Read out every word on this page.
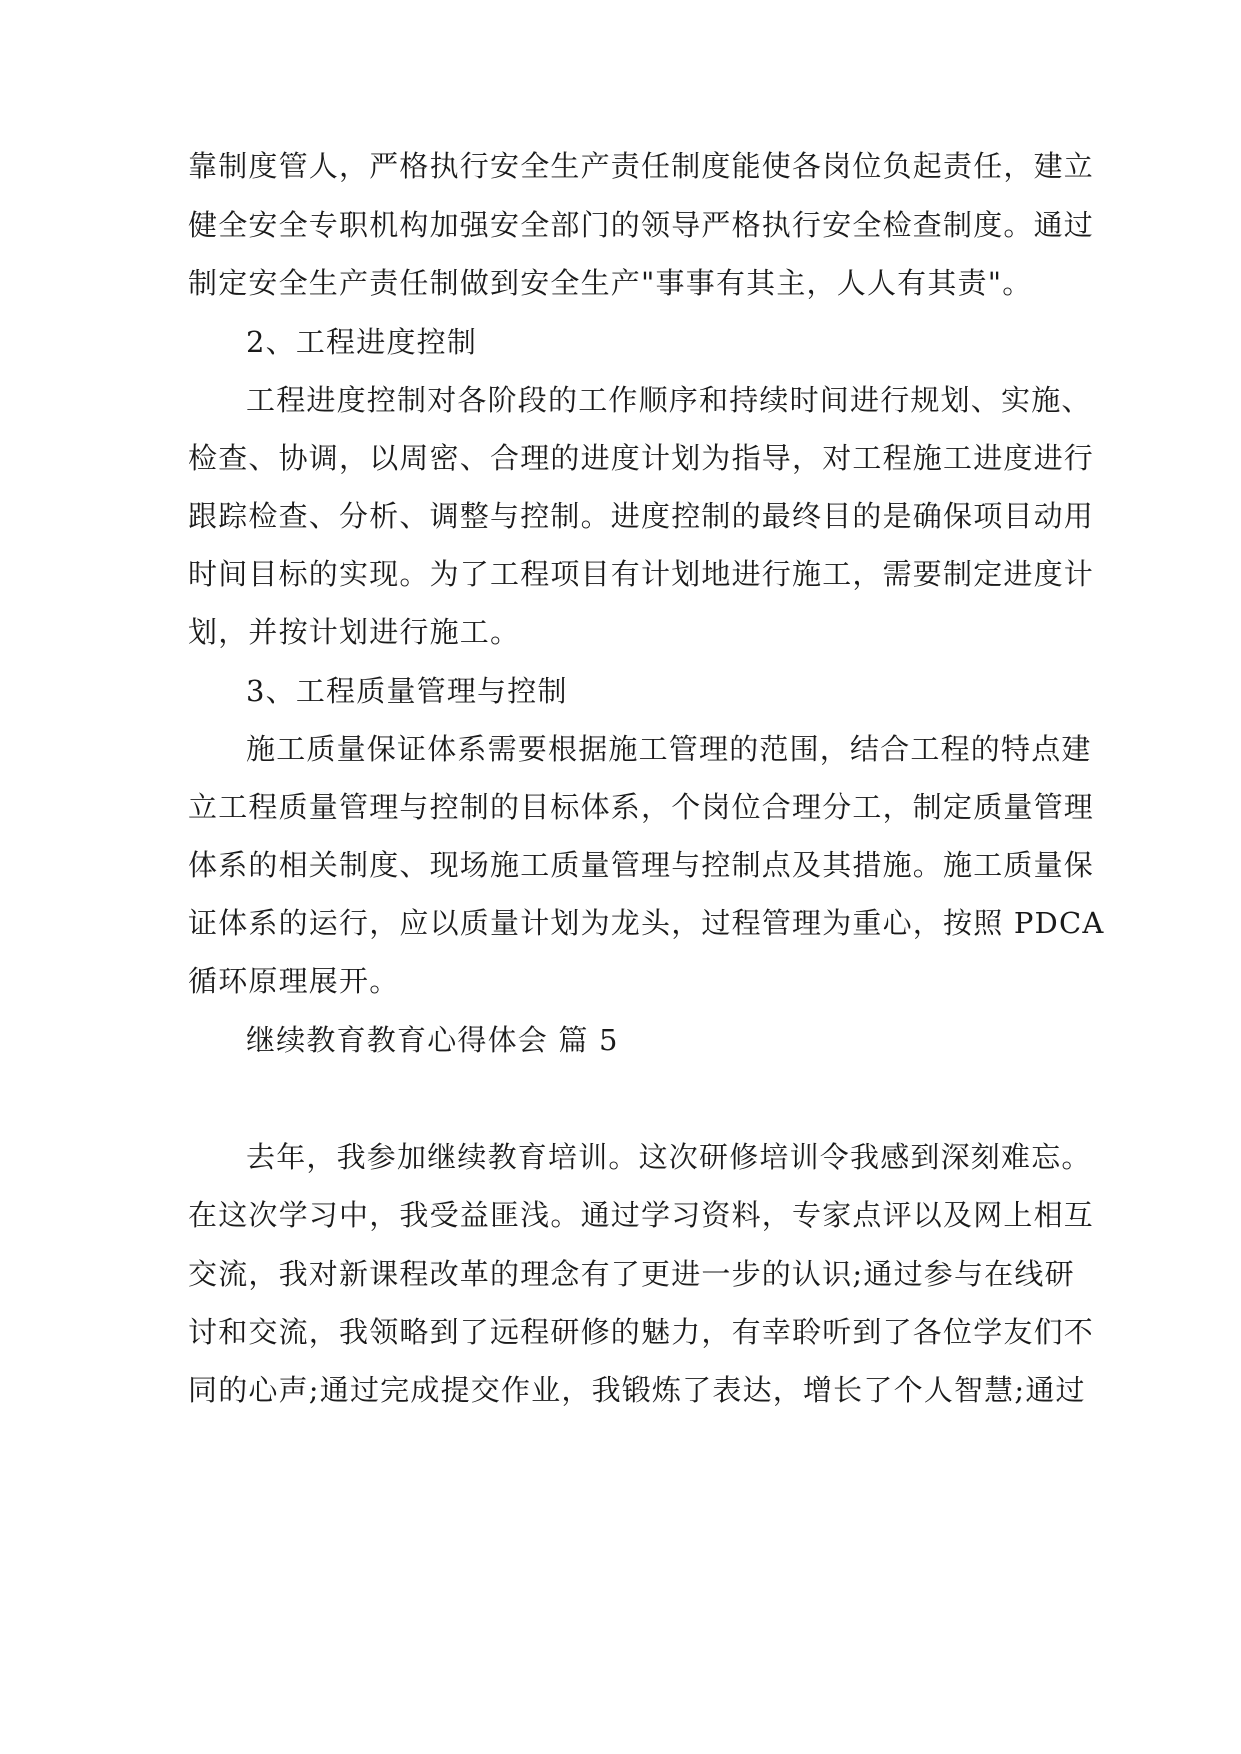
靠制度管人，严格执行安全生产责任制度能使各岗位负起责任，建立
健全安全专职机构加强安全部门的领导严格执行安全检查制度。通过
制定安全生产责任制做到安全生产"事事有其主，人人有其责"。
2、工程进度控制
工程进度控制对各阶段的工作顺序和持续时间进行规划、实施、
检查、协调，以周密、合理的进度计划为指导，对工程施工进度进行
跟踪检查、分析、调整与控制。进度控制的最终目的是确保项目动用
时间目标的实现。为了工程项目有计划地进行施工，需要制定进度计
划，并按计划进行施工。
3、工程质量管理与控制
施工质量保证体系需要根据施工管理的范围，结合工程的特点建
立工程质量管理与控制的目标体系，个岗位合理分工，制定质量管理
体系的相关制度、现场施工质量管理与控制点及其措施。施工质量保
证体系的运行，应以质量计划为龙头，过程管理为重心，按照 PDCA
循环原理展开。
继续教育教育心得体会 篇 5
去年，我参加继续教育培训。这次研修培训令我感到深刻难忘。
在这次学习中，我受益匪浅。通过学习资料，专家点评以及网上相互
交流，我对新课程改革的理念有了更进一步的认识;通过参与在线研
讨和交流，我领略到了远程研修的魅力，有幸聆听到了各位学友们不
同的心声;通过完成提交作业，我锻炼了表达，增长了个人智慧;通过
